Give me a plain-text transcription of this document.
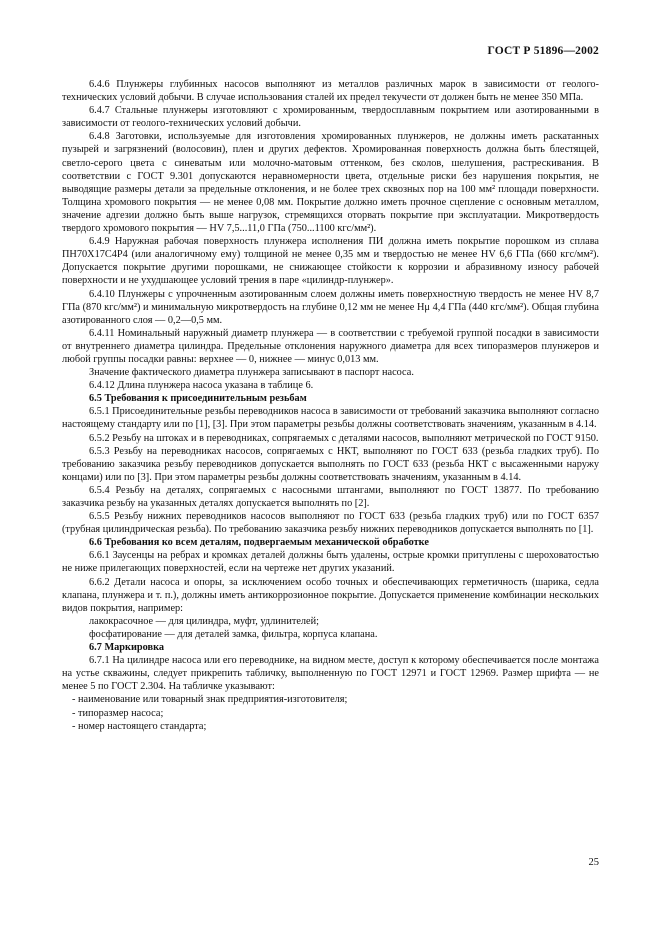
ГОСТ Р 51896—2002

6.4.6 Плунжеры глубинных насосов выполняют из металлов различных марок в зависимости от геолого-технических условий добычи. В случае использования сталей их предел текучести σт должен быть не менее 350 МПа.

6.4.7 Стальные плунжеры изготовляют с хромированным, твердосплавным покрытием или азотированными в зависимости от геолого-технических условий добычи.

6.4.8 Заготовки, используемые для изготовления хромированных плунжеров, не должны иметь раскатанных пузырей и загрязнений (волосовин), плен и других дефектов. Хромированная поверхность должна быть блестящей, светло-серого цвета с синеватым или молочно-матовым оттенком, без сколов, шелушения, растрескивания. В соответствии с ГОСТ 9.301 допускаются неравномерности цвета, отдельные риски без нарушения покрытия, не выводящие размеры детали за предельные отклонения, и не более трех сквозных пор на 100 мм² площади поверхности. Толщина хромового покрытия — не менее 0,08 мм. Покрытие должно иметь прочное сцепление с основным металлом, значение адгезии должно быть выше нагрузок, стремящихся оторвать покрытие при эксплуатации. Микротвердость твердого хромового покрытия — HV 7,5...11,0 ГПа (750...1100 кгс/мм²).

6.4.9 Наружная рабочая поверхность плунжера исполнения ПИ должна иметь покрытие порошком из сплава ПН70Х17С4Р4 (или аналогичному ему) толщиной не менее 0,35 мм и твердостью не менее HV 6,6 ГПа (660 кгс/мм²). Допускается покрытие другими порошками, не снижающее стойкости к коррозии и абразивному износу рабочей поверхности и не ухудшающее условий трения в паре «цилиндр-плунжер».

6.4.10 Плунжеры с упрочненным азотированным слоем должны иметь поверхностную твердость не менее HV 8,7 ГПа (870 кгс/мм²) и минимальную микротвердость на глубине 0,12 мм не менее Hμ 4,4 ГПа (440 кгс/мм²). Общая глубина азотированного слоя — 0,2—0,5 мм.

6.4.11 Номинальный наружный диаметр плунжера — в соответствии с требуемой группой посадки в зависимости от внутреннего диаметра цилиндра. Предельные отклонения наружного диаметра для всех типоразмеров плунжеров и любой группы посадки равны: верхнее — 0, нижнее — минус 0,013 мм.

Значение фактического диаметра плунжера записывают в паспорт насоса.

6.4.12 Длина плунжера насоса указана в таблице 6.

6.5 Требования к присоединительным резьбам

6.5.1 Присоединительные резьбы переводников насоса в зависимости от требований заказчика выполняют согласно настоящему стандарту или по [1], [3]. При этом параметры резьбы должны соответствовать значениям, указанным в 4.14.

6.5.2 Резьбу на штоках и в переводниках, сопрягаемых с деталями насосов, выполняют метрической по ГОСТ 9150.

6.5.3 Резьбу на переводниках насосов, сопрягаемых с НКТ, выполняют по ГОСТ 633 (резьба гладких труб). По требованию заказчика резьбу переводников допускается выполнять по ГОСТ 633 (резьба НКТ с высаженными наружу концами) или по [3]. При этом параметры резьбы должны соответствовать значениям, указанным в 4.14.

6.5.4 Резьбу на деталях, сопрягаемых с насосными штангами, выполняют по ГОСТ 13877. По требованию заказчика резьбу на указанных деталях допускается выполнять по [2].

6.5.5 Резьбу нижних переводников насосов выполняют по ГОСТ 633 (резьба гладких труб) или по ГОСТ 6357 (трубная цилиндрическая резьба). По требованию заказчика резьбу нижних переводников допускается выполнять по [1].

6.6 Требования ко всем деталям, подвергаемым механической обработке

6.6.1 Заусенцы на ребрах и кромках деталей должны быть удалены, острые кромки притуплены с шероховатостью не ниже прилегающих поверхностей, если на чертеже нет других указаний.

6.6.2 Детали насоса и опоры, за исключением особо точных и обеспечивающих герметичность (шарика, седла клапана, плунжера и т. п.), должны иметь антикоррозионное покрытие. Допускается применение комбинации нескольких видов покрытия, например:

лакокрасочное — для цилиндра, муфт, удлинителей;

фосфатирование — для деталей замка, фильтра, корпуса клапана.

6.7 Маркировка

6.7.1 На цилиндре насоса или его переводнике, на видном месте, доступ к которому обеспечивается после монтажа на устье скважины, следует прикрепить табличку, выполненную по ГОСТ 12971 и ГОСТ 12969. Размер шрифта — не менее 5 по ГОСТ 2.304. На табличке указывают:

- наименование или товарный знак предприятия-изготовителя;

- типоразмер насоса;

- номер настоящего стандарта;

25
